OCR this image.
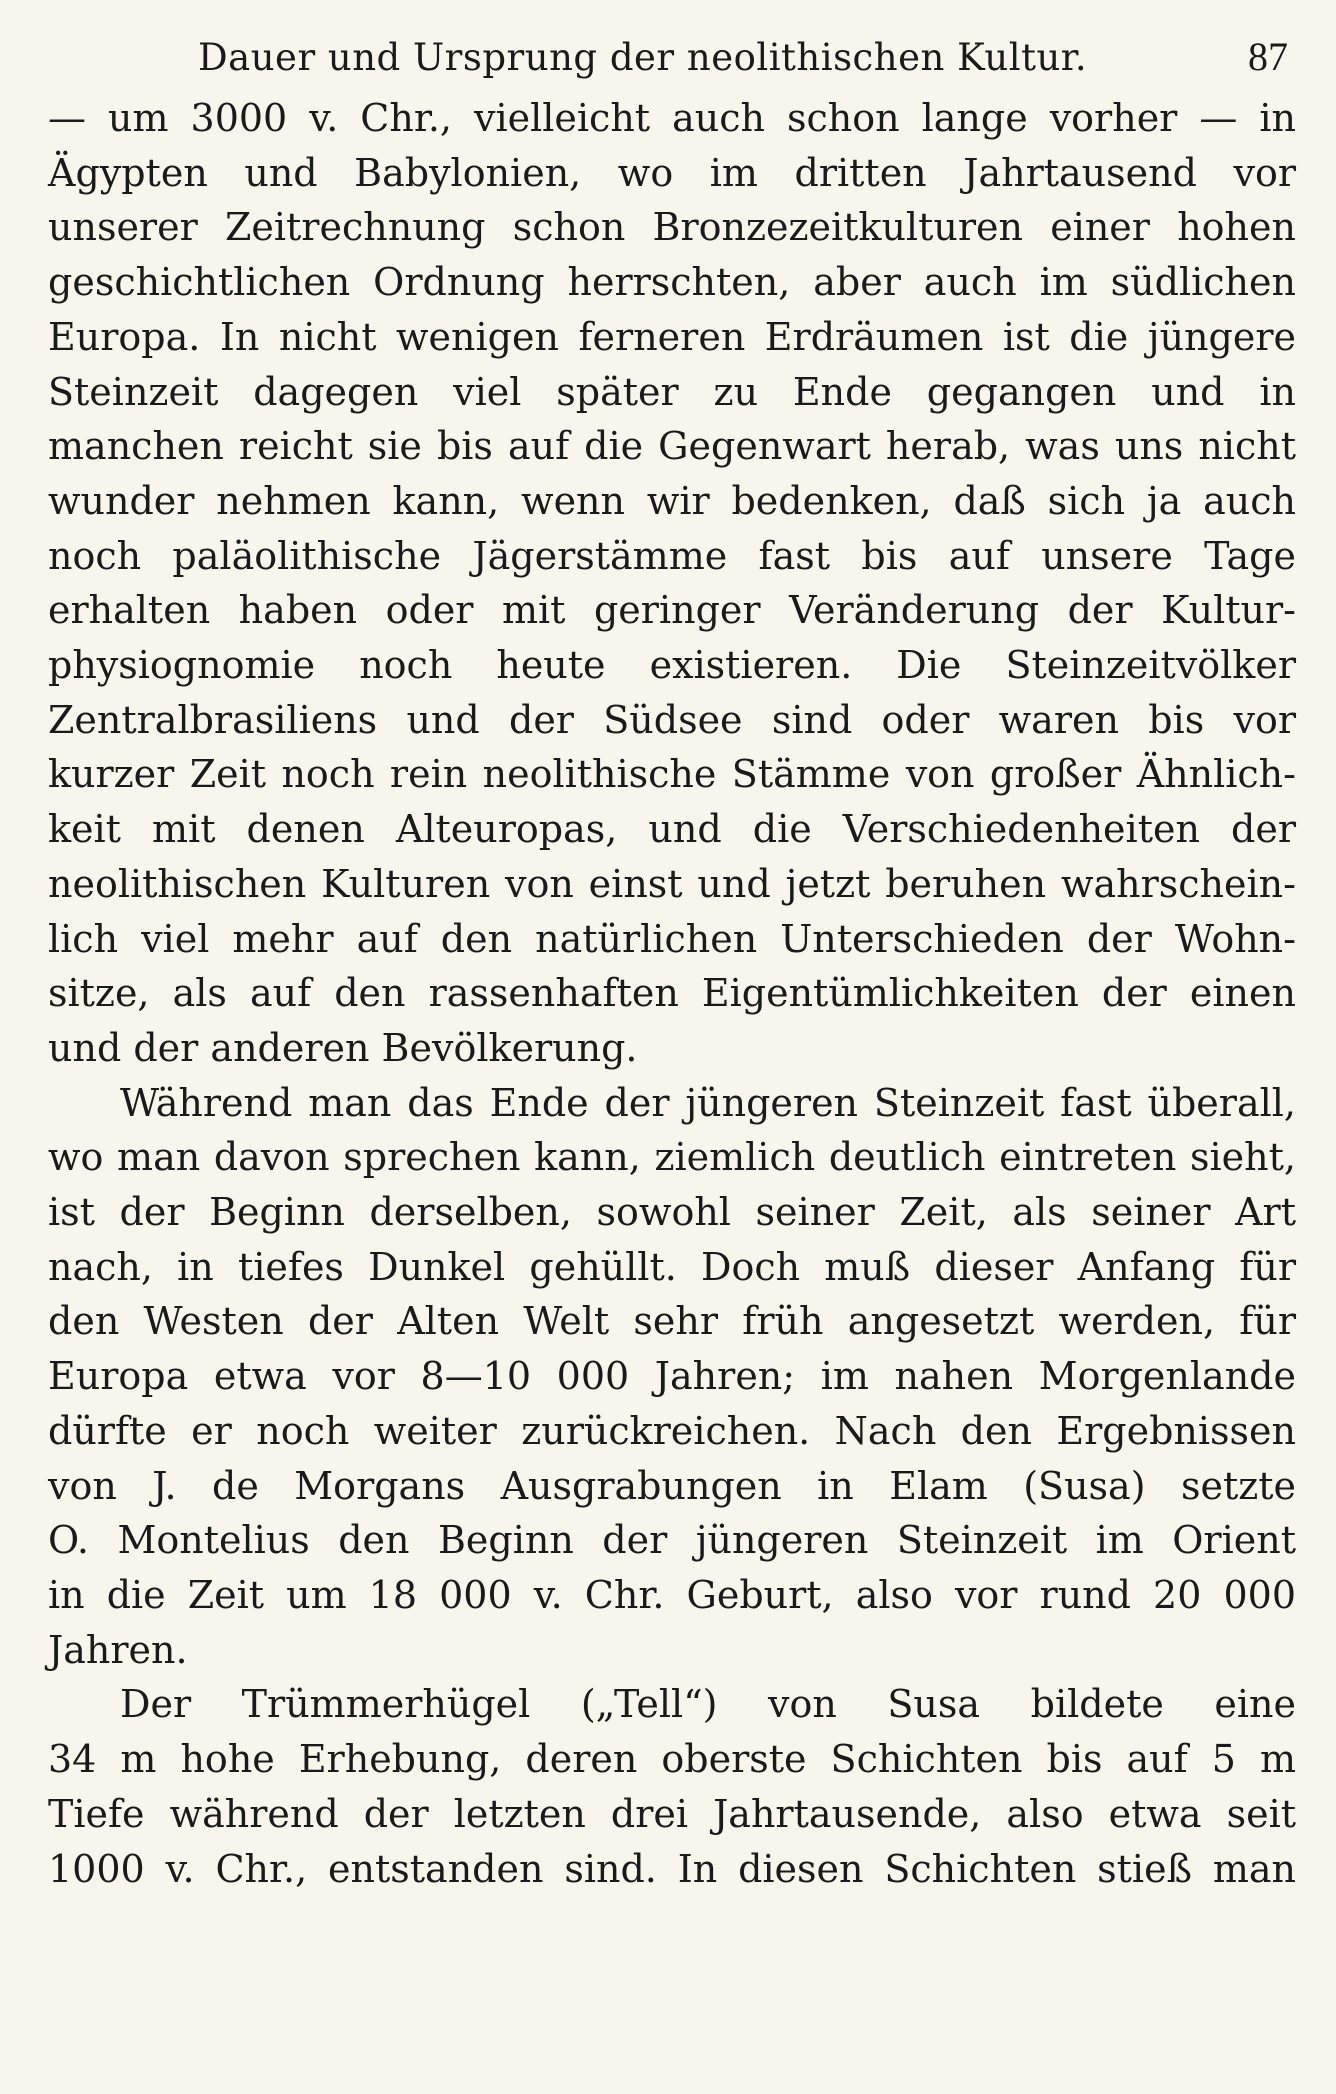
Dauer und Ursprung der neolithischen Kultur.	87

— um 3000 v. Chr., vielleicht auch schon lange vorher — in
Ägypten und Babylonien, wo im dritten Jahrtausend vor
unserer Zeitrechnung schon Bronzezeitkulturen einer hohen
geschichtlichen Ordnung herrschten, aber auch im südlichen
Europa. In nicht wenigen ferneren Erdräumen ist die jüngere
Steinzeit dagegen viel später zu Ende gegangen und in
manchen reicht sie bis auf die Gegenwart herab, was uns nicht
wunder nehmen kann, wenn wir bedenken, daß sich ja auch
noch paläolithische Jägerstämme fast bis auf unsere Tage
erhalten haben oder mit geringer Veränderung der Kultur-
physiognomie noch heute existieren. Die Steinzeitvölker
Zentralbrasiliens und der Südsee sind oder waren bis vor
kurzer Zeit noch rein neolithische Stämme von großer Ähnlich-
keit mit denen Alteuropas, und die Verschiedenheiten der
neolithischen Kulturen von einst und jetzt beruhen wahrschein-
lich viel mehr auf den natürlichen Unterschieden der Wohn-
sitze, als auf den rassenhaften Eigentümlichkeiten der einen
und der anderen Bevölkerung.

Während man das Ende der jüngeren Steinzeit fast überall,
wo man davon sprechen kann, ziemlich deutlich eintreten sieht,
ist der Beginn derselben, sowohl seiner Zeit, als seiner Art
nach, in tiefes Dunkel gehüllt. Doch muß dieser Anfang für
den Westen der Alten Welt sehr früh angesetzt werden, für
Europa etwa vor 8—10 000 Jahren; im nahen Morgenlande
dürfte er noch weiter zurückreichen. Nach den Ergebnissen
von J. de Morgans Ausgrabungen in Elam (Susa) setzte
O. Montelius den Beginn der jüngeren Steinzeit im Orient
in die Zeit um 18 000 v. Chr. Geburt, also vor rund 20 000
Jahren.

Der Trümmerhügel („Tell“) von Susa bildete eine
34 m hohe Erhebung, deren oberste Schichten bis auf 5 m
Tiefe während der letzten drei Jahrtausende, also etwa seit
1000 v. Chr., entstanden sind. In diesen Schichten stieß man
